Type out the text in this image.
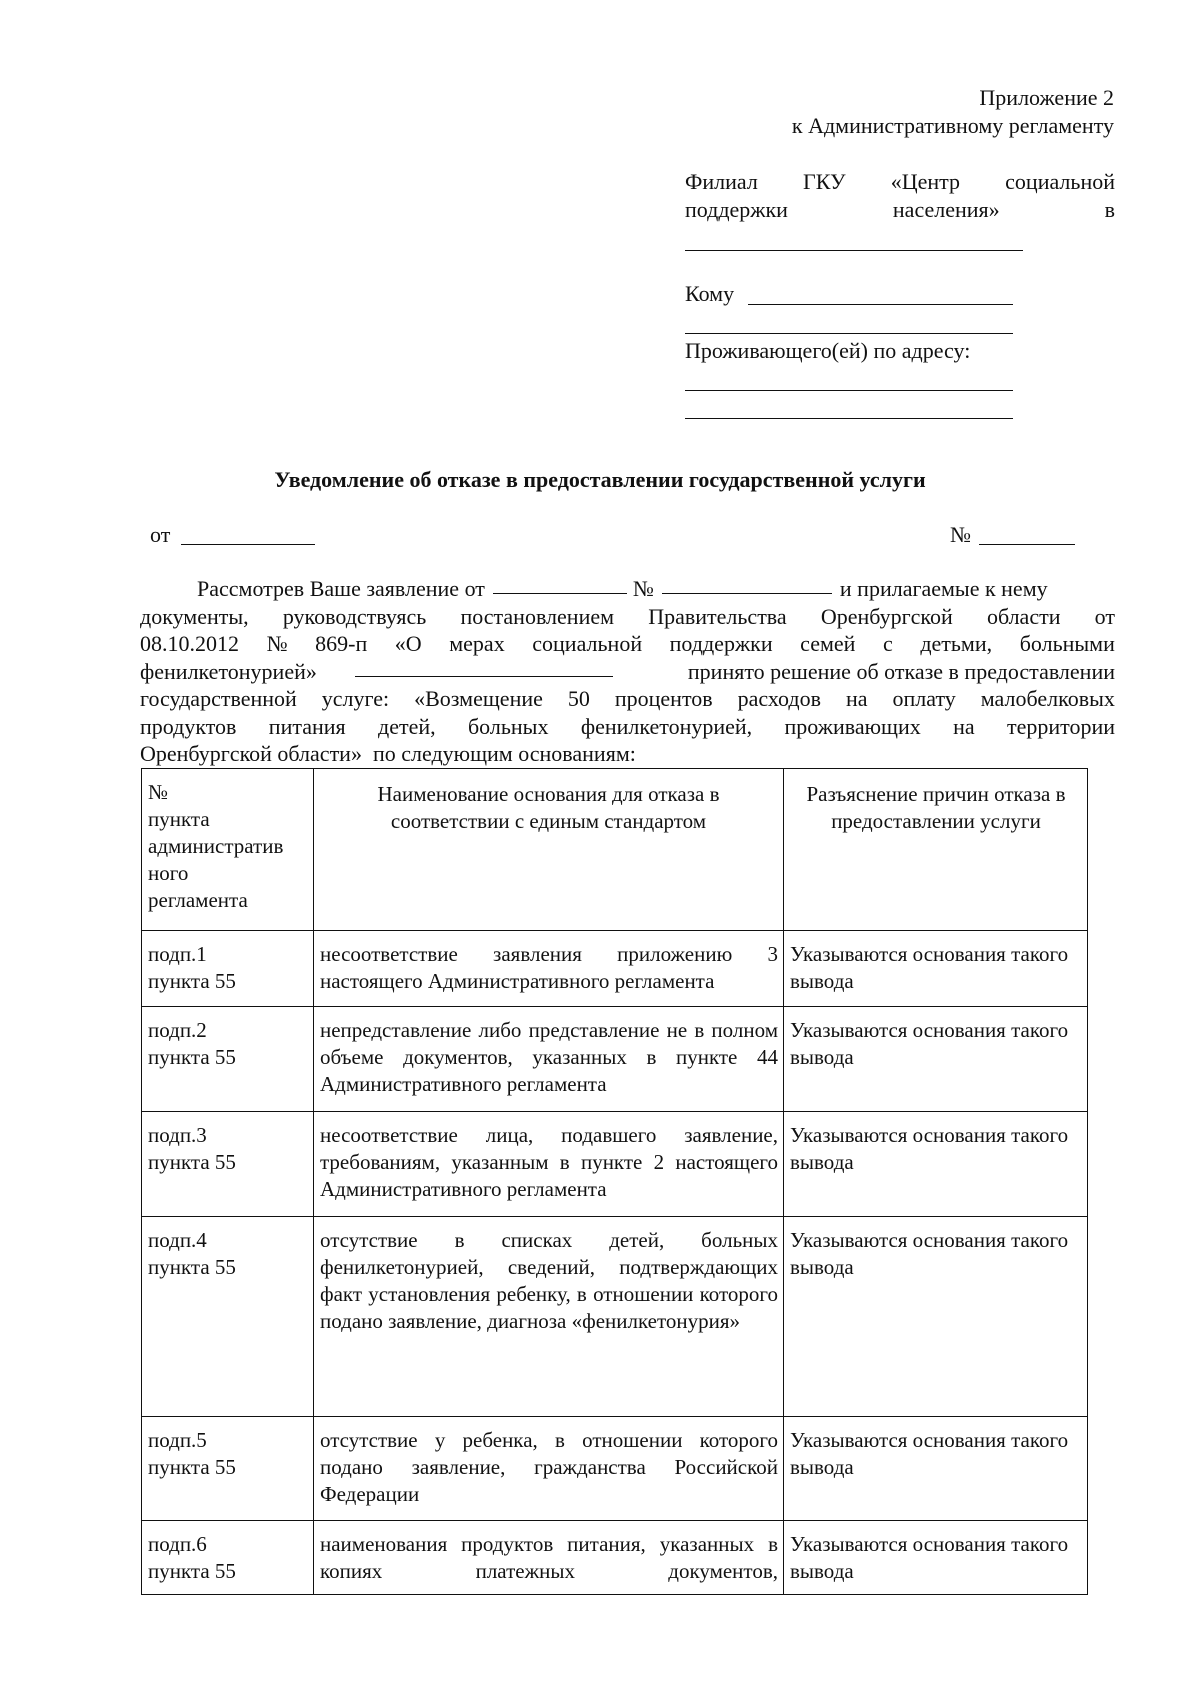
Приложение 2
к Административному регламенту
Филиал ГКУ «Центр социальной
поддержки	населения»	в
Кому
Проживающего(ей) по адресу:
Уведомление об отказе в предоставлении государственной услуги
от	№
Рассмотрев Ваше заявление от	№	и прилагаемые к нему
документы, руководствуясь постановлением Правительства Оренбургской области от
08.10.2012 № 869-п «О мерах социальной поддержки семей с детьми, больными
фенилкетонурией»	принято решение об отказе в предоставлении
государственной услуге: «Возмещение 50 процентов расходов на оплату малобелковых
продуктов питания детей, больных фенилкетонурией, проживающих на территории
Оренбургской области»  по следующим основаниям:
№ пункта административ ного регламента	Наименование основания для отказа в соответствии с единым стандартом	Разъяснение причин отказа в предоставлении услуги

подп.1
пункта 55	несоответствие заявления приложению 3 настоящего Административного регламента	Указываются основания такого вывода

подп.2
пункта 55	непредставление либо представление не в полном объеме документов, указанных в пункте 44 Административного регламента	Указываются основания такого вывода

подп.3
пункта 55	несоответствие лица, подавшего заявление, требованиям, указанным в пункте 2 настоящего Административного регламента	Указываются основания такого вывода

подп.4
пункта 55	отсутствие в списках детей, больных фенилкетонурией, сведений, подтверждающих факт установления ребенку, в отношении которого подано заявление, диагноза «фенилкетонурия»	Указываются основания такого вывода

подп.5
пункта 55	отсутствие у ребенка, в отношении которого подано заявление, гражданства Российской Федерации	Указываются основания такого вывода

подп.6
пункта 55	наименования продуктов питания, указанных в копиях платежных документов,	Указываются основания такого вывода
